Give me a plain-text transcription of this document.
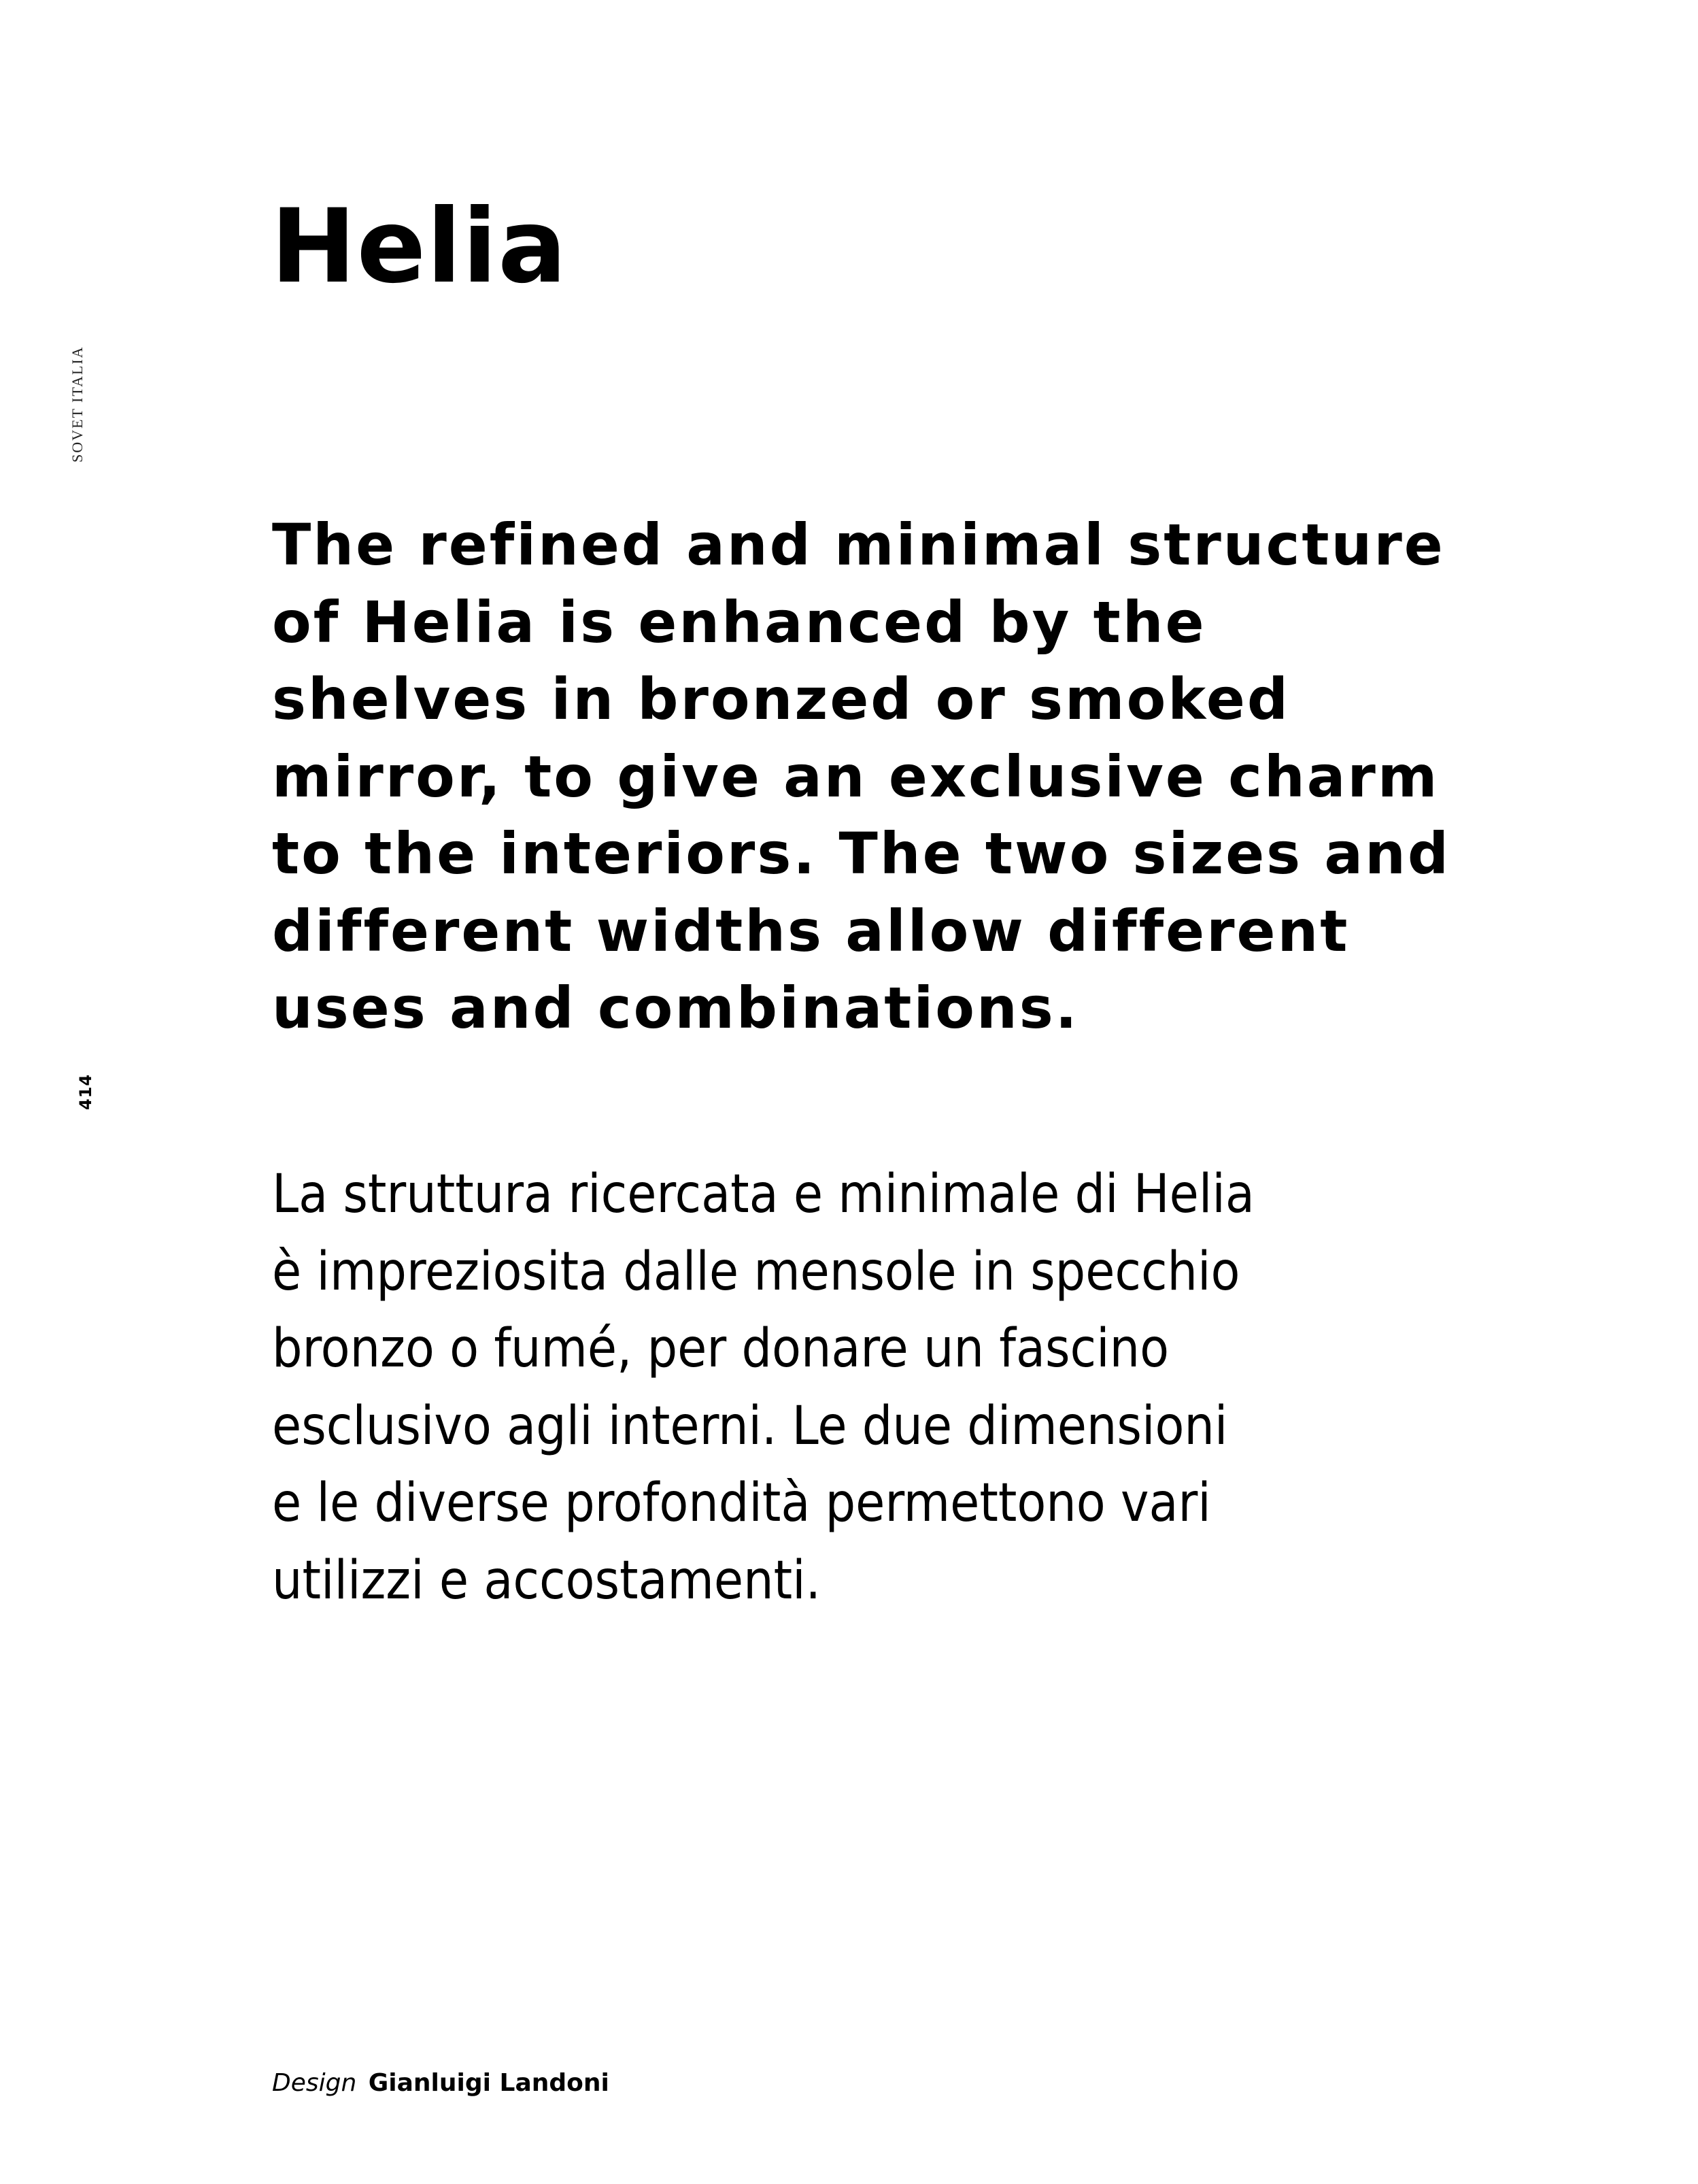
SOVET ITALIA
414
Helia
The refined and minimal structure
of Helia is enhanced by the
shelves in bronzed or smoked
mirror, to give an exclusive charm
to the interiors. The two sizes and
different widths allow different
uses and combinations.
La struttura ricercata e minimale di Helia
è impreziosita dalle mensole in specchio
bronzo o fumé, per donare un fascino
esclusivo agli interni. Le due dimensioni
e le diverse profondità permettono vari
utilizzi e accostamenti.
Design Gianluigi Landoni
